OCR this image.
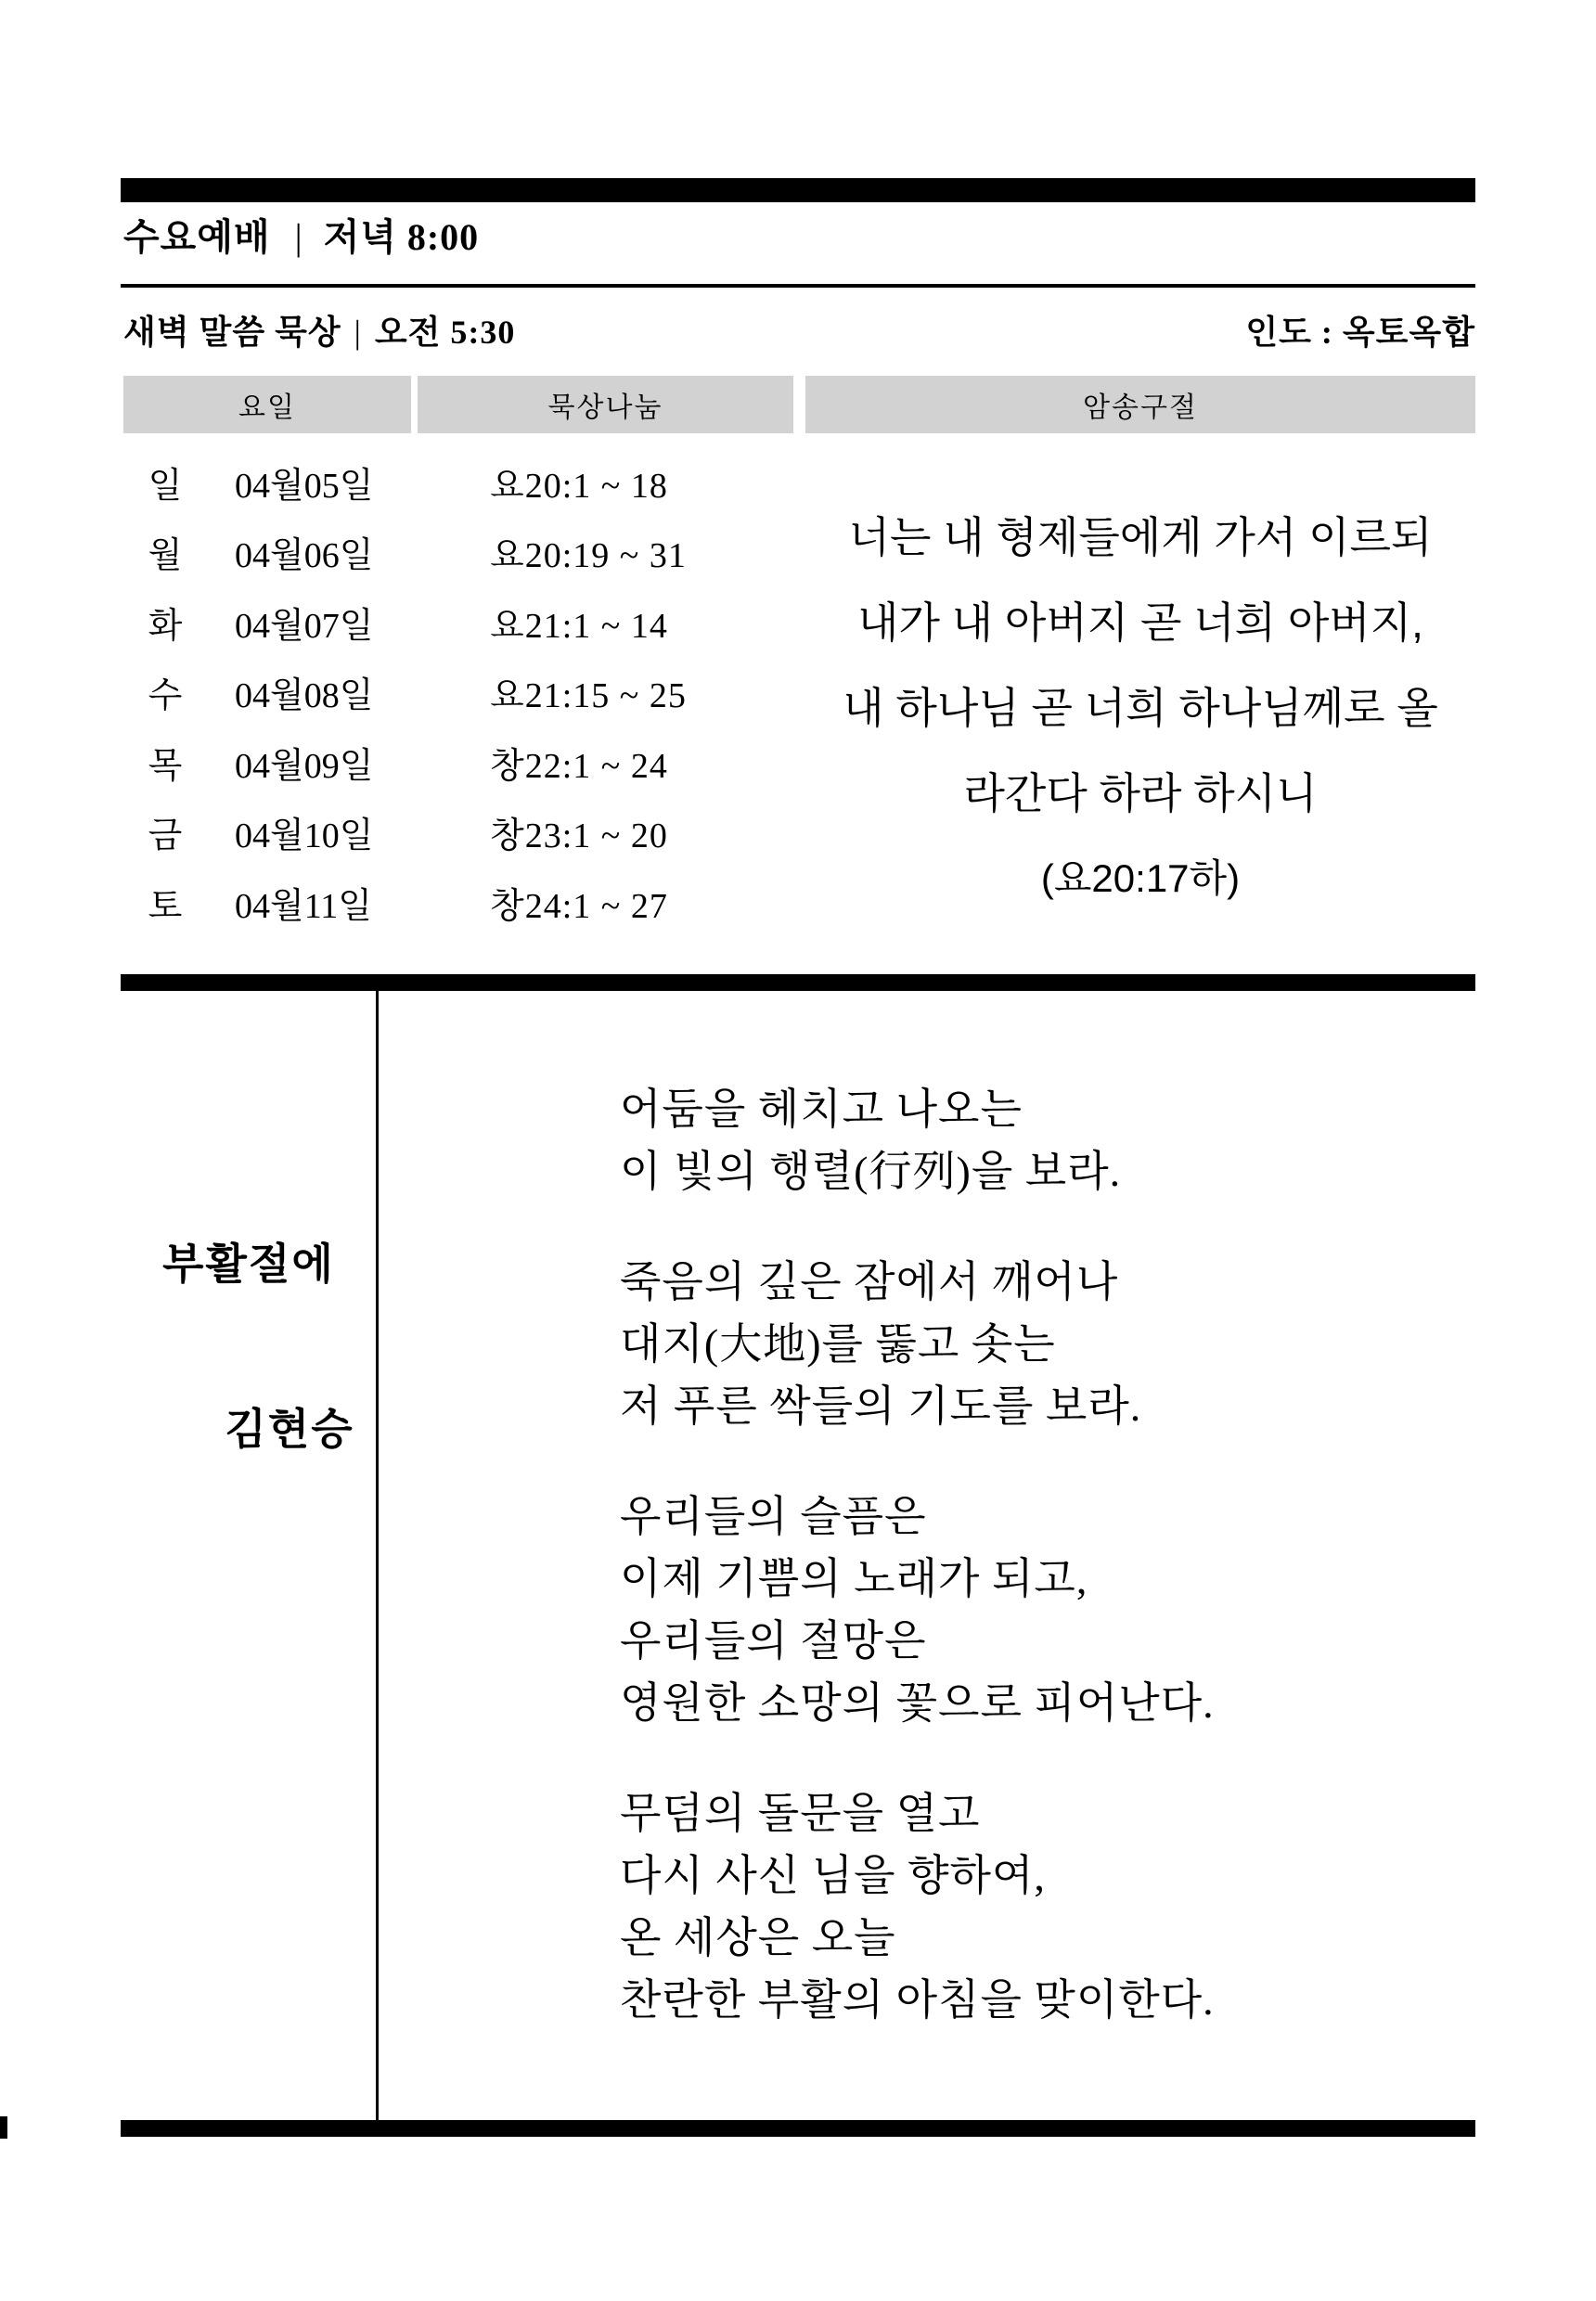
수요예배 | 저녁 8:00
새벽 말씀 묵상 | 오전 5:30	인도 : 옥토옥합
요일	묵상나눔	암송구절
일 04월05일	요20:1 ~ 18
월 04월06일	요20:19 ~ 31
화 04월07일	요21:1 ~ 14
수 04월08일	요21:15 ~ 25
목 04월09일	창22:1 ~ 24
금 04월10일	창23:1 ~ 20
토 04월11일	창24:1 ~ 27
너는 내 형제들에게 가서 이르되
내가 내 아버지 곧 너희 아버지,
내 하나님 곧 너희 하나님께로 올
라간다 하라 하시니
(요20:17하)
부활절에
김현승
어둠을 헤치고 나오는
이 빛의 행렬(行列)을 보라.
죽음의 깊은 잠에서 깨어나
대지(大地)를 뚫고 솟는
저 푸른 싹들의 기도를 보라.
우리들의 슬픔은
이제 기쁨의 노래가 되고,
우리들의 절망은
영원한 소망의 꽃으로 피어난다.
무덤의 돌문을 열고
다시 사신 님을 향하여,
온 세상은 오늘
찬란한 부활의 아침을 맞이한다.
